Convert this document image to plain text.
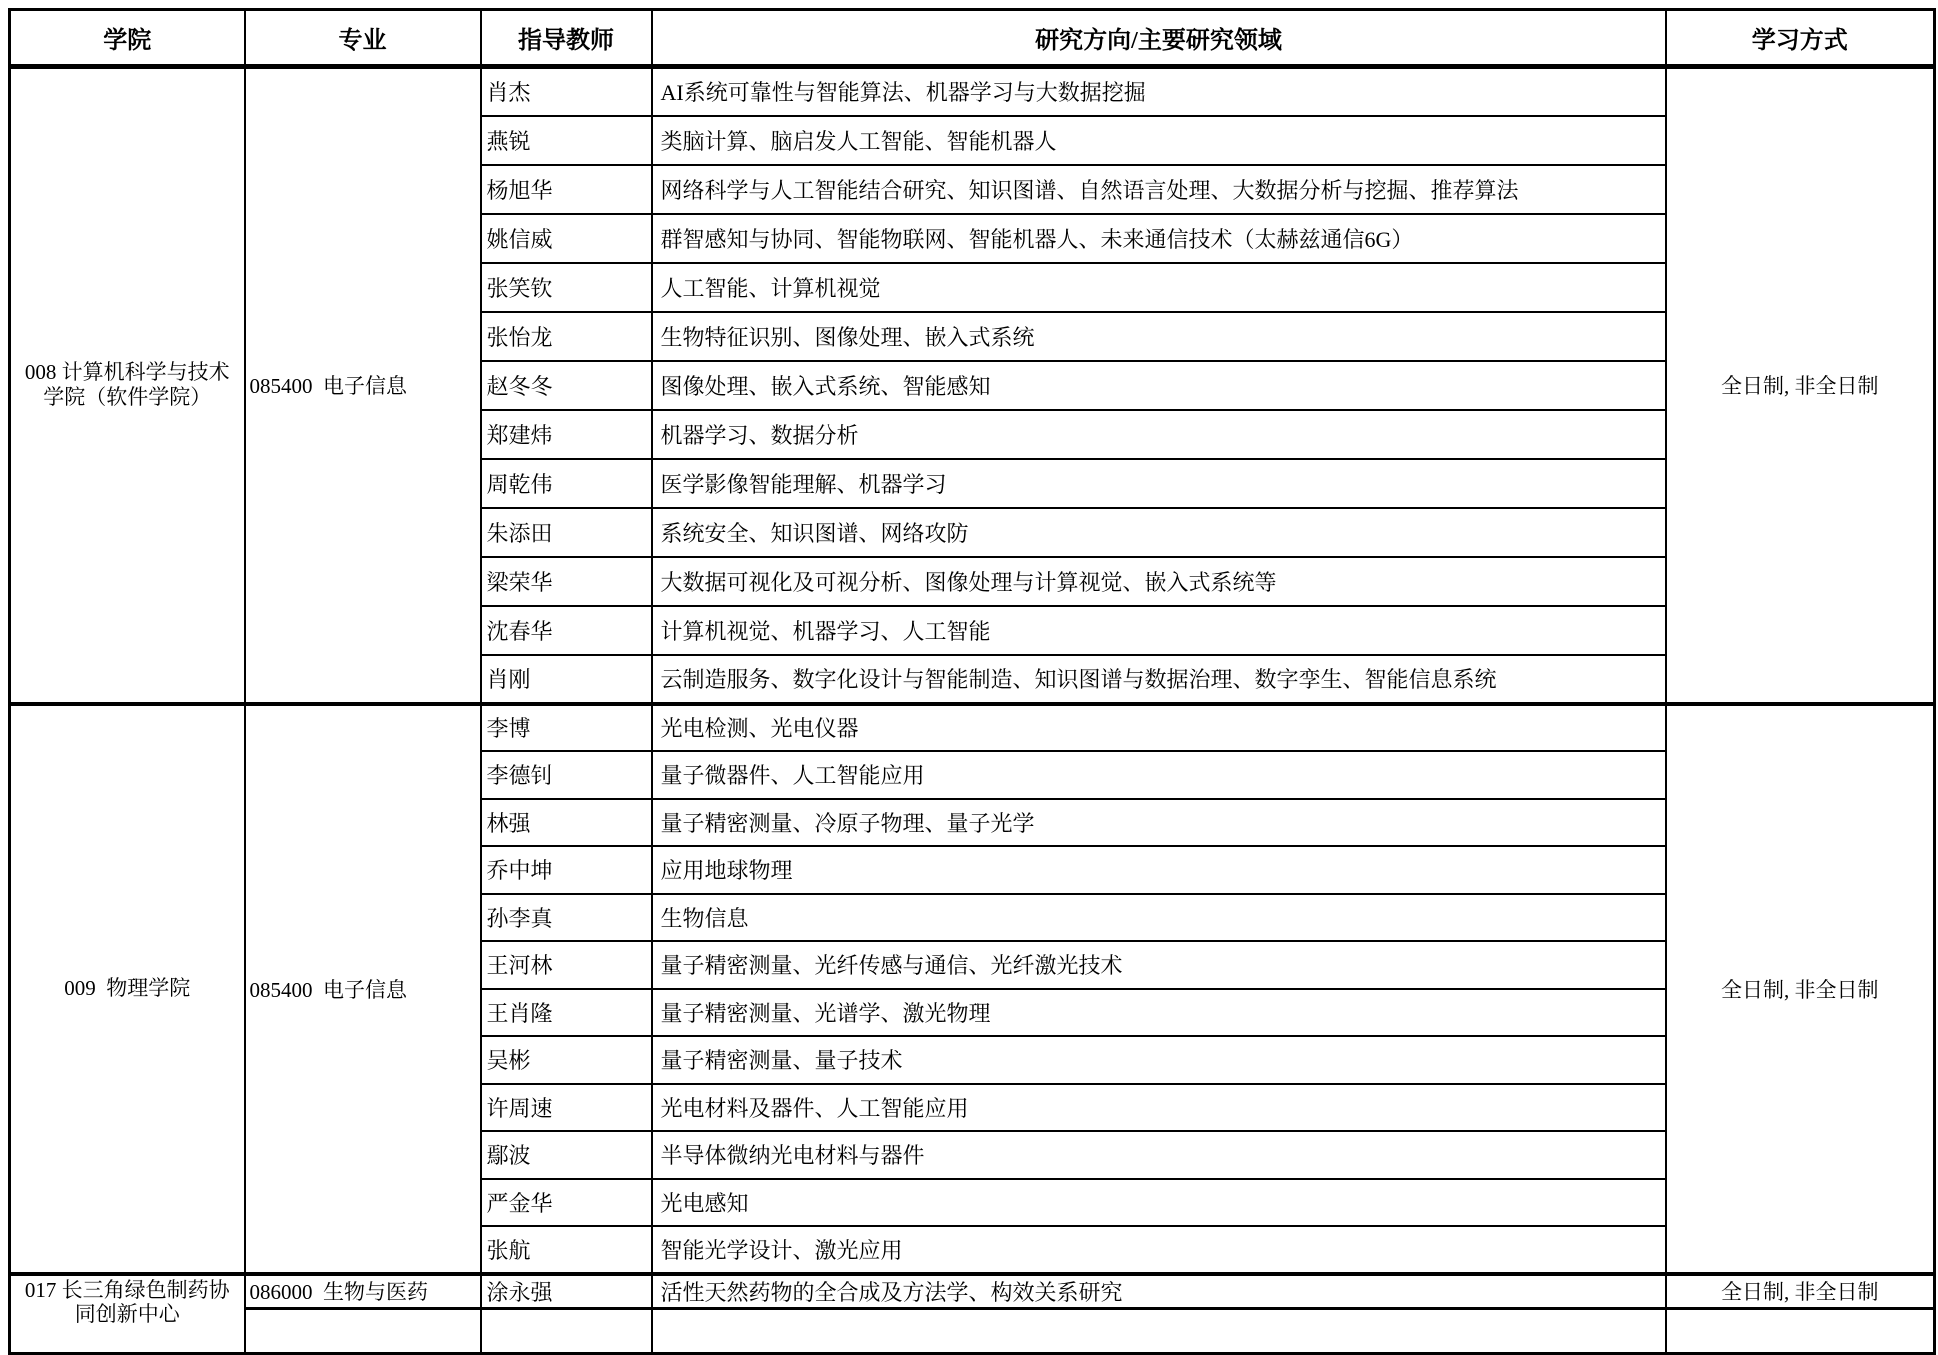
学院	专业	指导教师	研究方向/主要研究领域	学习方式
008 计算机科学与技术学院（软件学院）	085400  电子信息	肖杰	AI系统可靠性与智能算法、机器学习与大数据挖掘	全日制, 非全日制
		燕锐	类脑计算、脑启发人工智能、智能机器人	
		杨旭华	网络科学与人工智能结合研究、知识图谱、自然语言处理、大数据分析与挖掘、推荐算法	
		姚信威	群智感知与协同、智能物联网、智能机器人、未来通信技术（太赫兹通信6G）	
		张笑钦	人工智能、计算机视觉	
		张怡龙	生物特征识别、图像处理、嵌入式系统	
		赵冬冬	图像处理、嵌入式系统、智能感知	
		郑建炜	机器学习、数据分析	
		周乾伟	医学影像智能理解、机器学习	
		朱添田	系统安全、知识图谱、网络攻防	
		梁荣华	大数据可视化及可视分析、图像处理与计算视觉、嵌入式系统等	
		沈春华	计算机视觉、机器学习、人工智能	
		肖刚	云制造服务、数字化设计与智能制造、知识图谱与数据治理、数字孪生、智能信息系统	
009  物理学院	085400  电子信息	李博	光电检测、光电仪器	全日制, 非全日制
		李德钊	量子微器件、人工智能应用	
		林强	量子精密测量、冷原子物理、量子光学	
		乔中坤	应用地球物理	
		孙李真	生物信息	
		王河林	量子精密测量、光纤传感与通信、光纤激光技术	
		王肖隆	量子精密测量、光谱学、激光物理	
		吴彬	量子精密测量、量子技术	
		许周速	光电材料及器件、人工智能应用	
		鄢波	半导体微纳光电材料与器件	
		严金华	光电感知	
		张航	智能光学设计、激光应用	
017 长三角绿色制药协同创新中心	086000  生物与医药	涂永强	活性天然药物的全合成及方法学、构效关系研究	全日制, 非全日制
